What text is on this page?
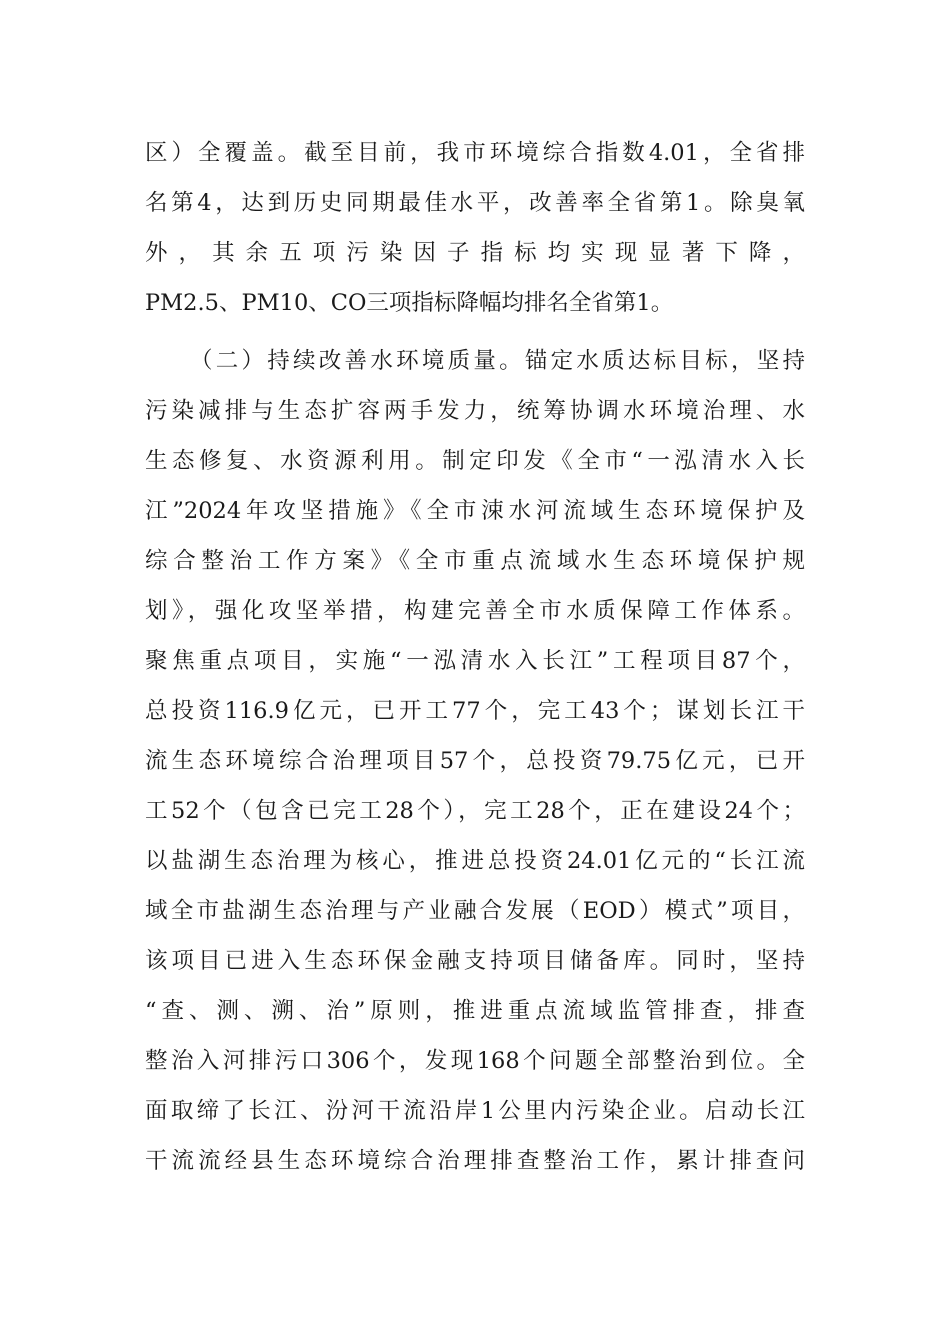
区）全覆盖。截至目前，我市环境综合指数4.01，全省排
名第4，达到历史同期最佳水平，改善率全省第1。除臭氧
外，其余五项污染因子指标均实现显著下降，
PM2.5、PM10、CO三项指标降幅均排名全省第1。
（二）持续改善水环境质量。锚定水质达标目标，坚持
污染减排与生态扩容两手发力，统筹协调水环境治理、水
生态修复、水资源利用。制定印发《全市“一泓清水入长
江”2024年攻坚措施》《全市涑水河流域生态环境保护及
综合整治工作方案》《全市重点流域水生态环境保护规
划》，强化攻坚举措，构建完善全市水质保障工作体系。
聚焦重点项目，实施“一泓清水入长江”工程项目87个，
总投资116.9亿元，已开工77个，完工43个；谋划长江干
流生态环境综合治理项目57个，总投资79.75亿元，已开
工52个（包含已完工28个），完工28个，正在建设24个；
以盐湖生态治理为核心，推进总投资24.01亿元的“长江流
域全市盐湖生态治理与产业融合发展（EOD）模式”项目，
该项目已进入生态环保金融支持项目储备库。同时，坚持
“查、测、溯、治”原则，推进重点流域监管排查，排查
整治入河排污口306个，发现168个问题全部整治到位。全
面取缔了长江、汾河干流沿岸1公里内污染企业。启动长江
干流流经县生态环境综合治理排查整治工作，累计排查问
